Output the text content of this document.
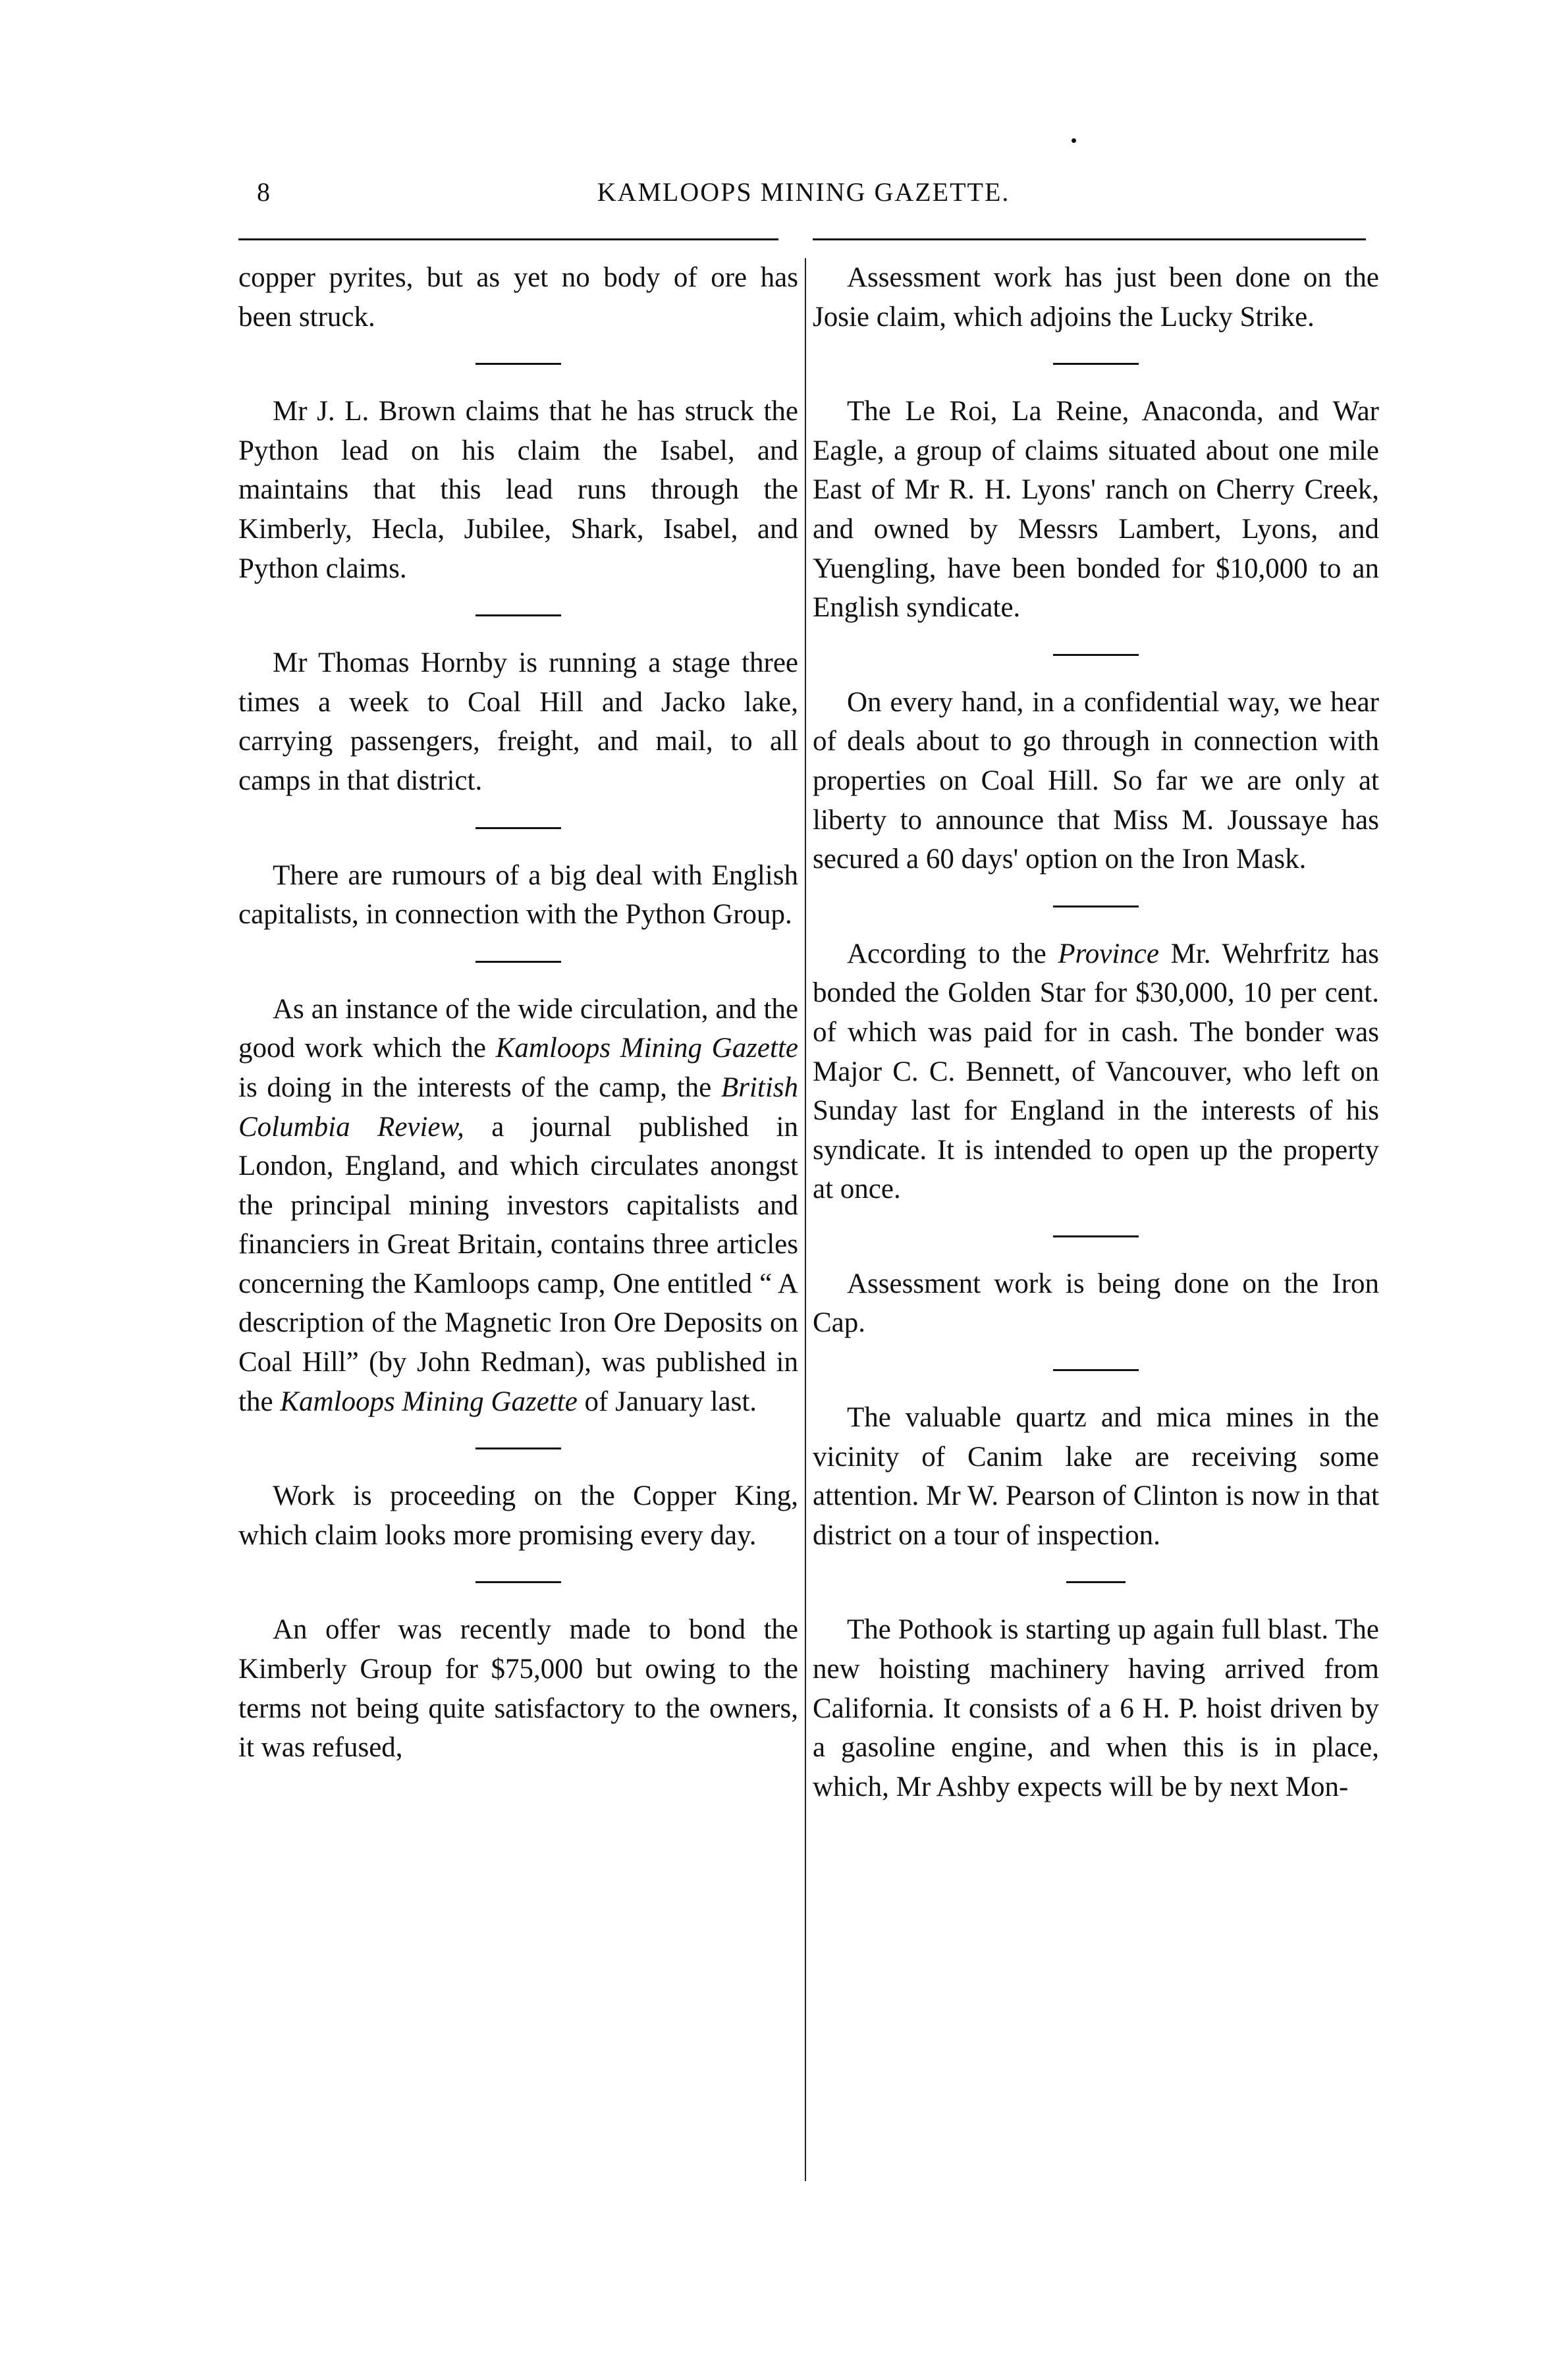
8	KAMLOOPS MINING GAZETTE.

copper pyrites, but as yet no body of ore has been struck.

Mr J. L. Brown claims that he has struck the Python lead on his claim the Isabel, and maintains that this lead runs through the Kimberly, Hecla, Jubilee, Shark, Isabel, and Python claims.

Mr Thomas Hornby is running a stage three times a week to Coal Hill and Jacko lake, carrying passengers, freight, and mail, to all camps in that district.

There are rumours of a big deal with English capitalists, in connection with the Python Group.

As an instance of the wide circulation, and the good work which the Kamloops Mining Gazette is doing in the interests of the camp, the British Columbia Review, a journal published in London, England, and which circulates anongst the principal mining investors capitalists and financiers in Great Britain, contains three articles concerning the Kamloops camp, One entitled “ A description of the Magnetic Iron Ore Deposits on Coal Hill” (by John Redman), was published in the Kamloops Mining Gazette of January last.

Work is proceeding on the Copper King, which claim looks more promising every day.

An offer was recently made to bond the Kimberly Group for $75,000 but owing to the terms not being quite satisfactory to the owners, it was refused,

Assessment work has just been done on the Josie claim, which adjoins the Lucky Strike.

The Le Roi, La Reine, Anaconda, and War Eagle, a group of claims situated about one mile East of Mr R. H. Lyons' ranch on Cherry Creek, and owned by Messrs Lambert, Lyons, and Yuengling, have been bonded for $10,000 to an English syndicate.

On every hand, in a confidential way, we hear of deals about to go through in connection with properties on Coal Hill. So far we are only at liberty to announce that Miss M. Joussaye has secured a 60 days' option on the Iron Mask.

According to the Province Mr. Wehrfritz has bonded the Golden Star for $30,000, 10 per cent. of which was paid for in cash. The bonder was Major C. C. Bennett, of Vancouver, who left on Sunday last for England in the interests of his syndicate. It is intended to open up the property at once.

Assessment work is being done on the Iron Cap.

The valuable quartz and mica mines in the vicinity of Canim lake are receiving some attention. Mr W. Pearson of Clinton is now in that district on a tour of inspection.

The Pothook is starting up again full blast. The new hoisting machinery having arrived from California. It consists of a 6 H. P. hoist driven by a gasoline engine, and when this is in place, which, Mr Ashby expects will be by next Mon-
